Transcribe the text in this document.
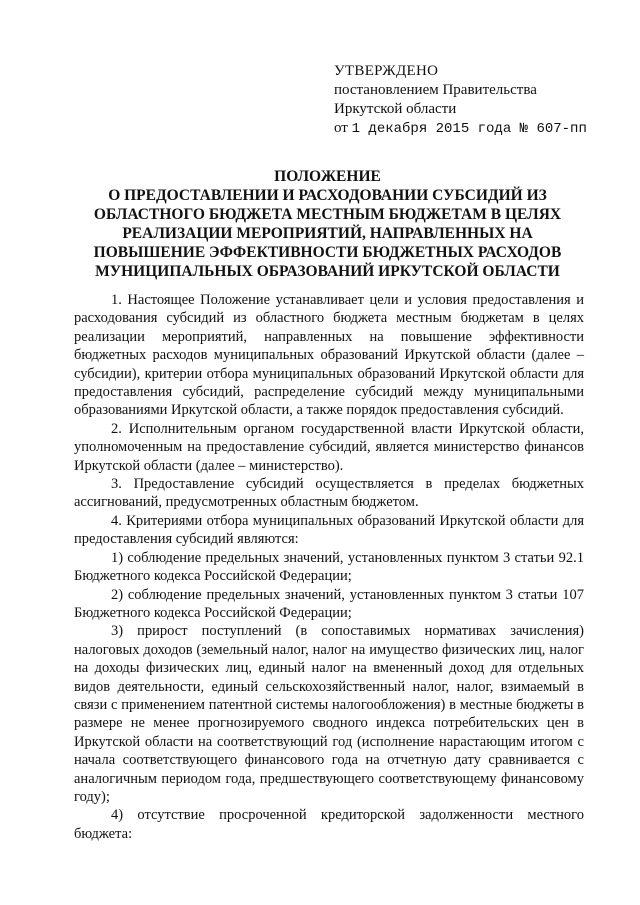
УТВЕРЖДЕНО
постановлением Правительства
Иркутской области
от 1 декабря 2015 года № 607-пп
ПОЛОЖЕНИЕ
О ПРЕДОСТАВЛЕНИИ И РАСХОДОВАНИИ СУБСИДИЙ ИЗ
ОБЛАСТНОГО БЮДЖЕТА МЕСТНЫМ БЮДЖЕТАМ В ЦЕЛЯХ
РЕАЛИЗАЦИИ МЕРОПРИЯТИЙ, НАПРАВЛЕННЫХ НА
ПОВЫШЕНИЕ ЭФФЕКТИВНОСТИ БЮДЖЕТНЫХ РАСХОДОВ
МУНИЦИПАЛЬНЫХ ОБРАЗОВАНИЙ ИРКУТСКОЙ ОБЛАСТИ

1. Настоящее Положение устанавливает цели и условия предоставления и расходования субсидий из областного бюджета местным бюджетам в целях реализации мероприятий, направленных на повышение эффективности бюджетных расходов муниципальных образований Иркутской области (далее – субсидии), критерии отбора муниципальных образований Иркутской области для предоставления субсидий, распределение субсидий между муниципальными образованиями Иркутской области, а также порядок предоставления субсидий.

2. Исполнительным органом государственной власти Иркутской области, уполномоченным на предоставление субсидий, является министерство финансов Иркутской области (далее – министерство).

3. Предоставление субсидий осуществляется в пределах бюджетных ассигнований, предусмотренных областным бюджетом.

4. Критериями отбора муниципальных образований Иркутской области для предоставления субсидий являются:

1) соблюдение предельных значений, установленных пунктом 3 статьи 92.1 Бюджетного кодекса Российской Федерации;

2) соблюдение предельных значений, установленных пунктом 3 статьи 107 Бюджетного кодекса Российской Федерации;

3) прирост поступлений (в сопоставимых нормативах зачисления) налоговых доходов (земельный налог, налог на имущество физических лиц, налог на доходы физических лиц, единый налог на вмененный доход для отдельных видов деятельности, единый сельскохозяйственный налог, налог, взимаемый в связи с применением патентной системы налогообложения) в местные бюджеты в размере не менее прогнозируемого сводного индекса потребительских цен в Иркутской области на соответствующий год (исполнение нарастающим итогом с начала соответствующего финансового года на отчетную дату сравнивается с аналогичным периодом года, предшествующего соответствующему финансовому году);

4) отсутствие просроченной кредиторской задолженности местного бюджета:
